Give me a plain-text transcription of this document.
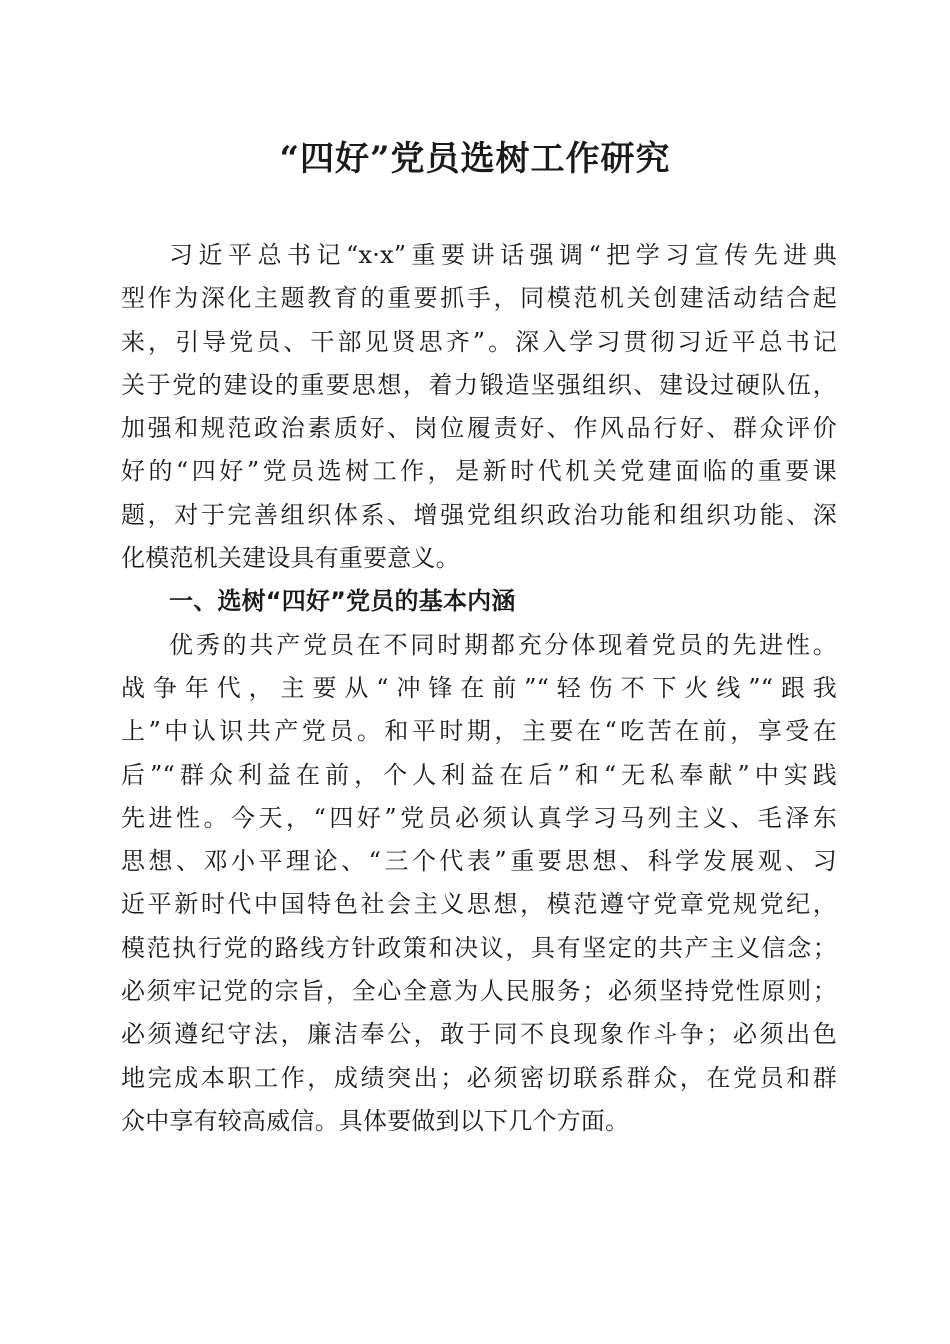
“四好”党员选树工作研究
习近平总书记“x·x”重要讲话强调“把学习宣传先进典
型作为深化主题教育的重要抓手，同模范机关创建活动结合起
来，引导党员、干部见贤思齐”。深入学习贯彻习近平总书记
关于党的建设的重要思想，着力锻造坚强组织、建设过硬队伍，
加强和规范政治素质好、岗位履责好、作风品行好、群众评价
好的“四好”党员选树工作，是新时代机关党建面临的重要课
题，对于完善组织体系、增强党组织政治功能和组织功能、深
化模范机关建设具有重要意义。
一、选树“四好”党员的基本内涵
优秀的共产党员在不同时期都充分体现着党员的先进性。
战争年代，主要从“冲锋在前”“轻伤不下火线”“跟我
上”中认识共产党员。和平时期，主要在“吃苦在前，享受在
后”“群众利益在前，个人利益在后”和“无私奉献”中实践
先进性。今天，“四好”党员必须认真学习马列主义、毛泽东
思想、邓小平理论、“三个代表”重要思想、科学发展观、习
近平新时代中国特色社会主义思想，模范遵守党章党规党纪，
模范执行党的路线方针政策和决议，具有坚定的共产主义信念；
必须牢记党的宗旨，全心全意为人民服务；必须坚持党性原则；
必须遵纪守法，廉洁奉公，敢于同不良现象作斗争；必须出色
地完成本职工作，成绩突出；必须密切联系群众，在党员和群
众中享有较高威信。具体要做到以下几个方面。
